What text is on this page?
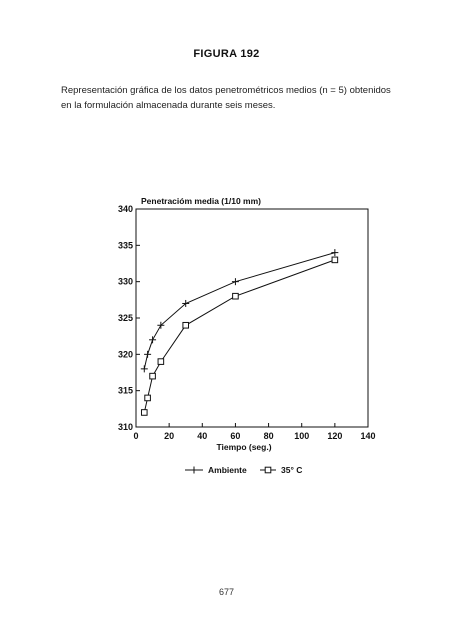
FIGURA 192
Representación gráfica de los datos penetrométricos medios (n = 5) obtenidos
en la formulación almacenada durante seis meses.
Penetracióm media (1/10 mm)
310
315
320
325
330
335
340
0	20	40	60	80 100 120 140
Tiempo (seg.)
Ambiente	35° C
677
